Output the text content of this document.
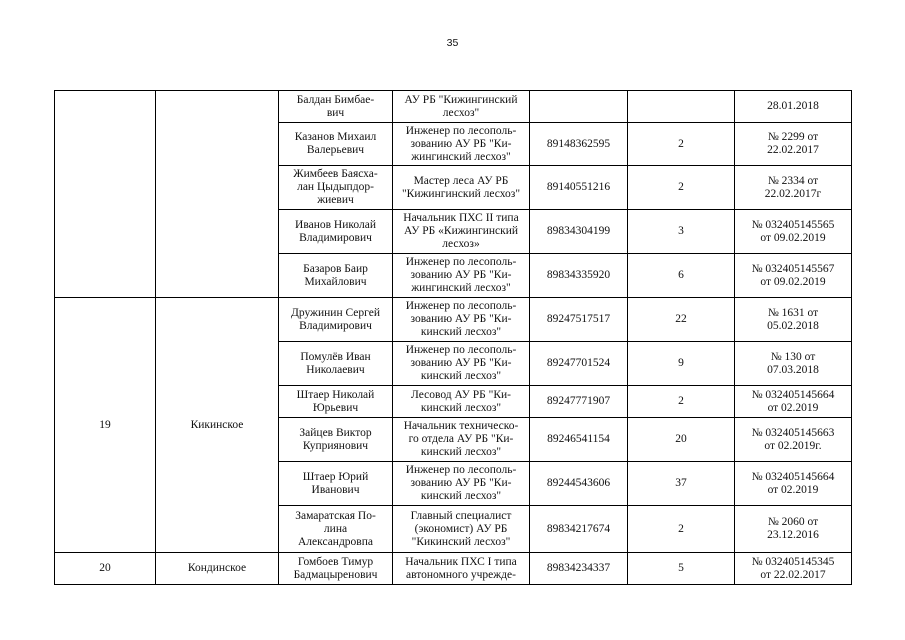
35
		Балдан Бимбае-
вич	АУ РБ "Кижингинский
лесхоз"			28.01.2018
		Казанов Михаил
Валерьевич	Инженер по лесополь-
зованию АУ РБ "Ки-
жингинский лесхоз"	89148362595	2	№ 2299 от
22.02.2017
		Жимбеев Баясха-
лан Цыдыпдор-
жиевич	Мастер леса АУ РБ
"Кижингинский лесхоз"	89140551216	2	№ 2334 от
22.02.2017г
		Иванов Николай
Владимирович	Начальник ПХС II типа
АУ РБ «Кижингинский
лесхоз»	89834304199	3	№ 032405145565
от 09.02.2019
		Базаров Баир
Михайлович	Инженер по лесополь-
зованию АУ РБ "Ки-
жингинский лесхоз"	89834335920	6	№ 032405145567
от 09.02.2019
19	Кикинское	Дружинин Сергей
Владимирович	Инженер по лесополь-
зованию АУ РБ "Ки-
кинский лесхоз"	89247517517	22	№ 1631 от
05.02.2018
		Помулёв Иван
Николаевич	Инженер по лесополь-
зованию АУ РБ "Ки-
кинский лесхоз"	89247701524	9	№ 130 от
07.03.2018
		Штаер Николай
Юрьевич	Лесовод АУ РБ "Ки-
кинский лесхоз"	89247771907	2	№ 032405145664
от 02.2019
		Зайцев Виктор
Куприянович	Начальник техническо-
го отдела АУ РБ "Ки-
кинский лесхоз"	89246541154	20	№ 032405145663
от 02.2019г.
		Штаер Юрий
Иванович	Инженер по лесополь-
зованию АУ РБ "Ки-
кинский лесхоз"	89244543606	37	№ 032405145664
от 02.2019
		Замаратская По-
лина
Александровпа	Главный специалист
(экономист) АУ РБ
"Кикинский лесхоз"	89834217674	2	№ 2060 от
23.12.2016
20	Кондинское	Гомбоев Тимур
Бадмацыренович	Начальник ПХС I типа
автономного учрежде-	89834234337	5	№ 032405145345
от 22.02.2017
